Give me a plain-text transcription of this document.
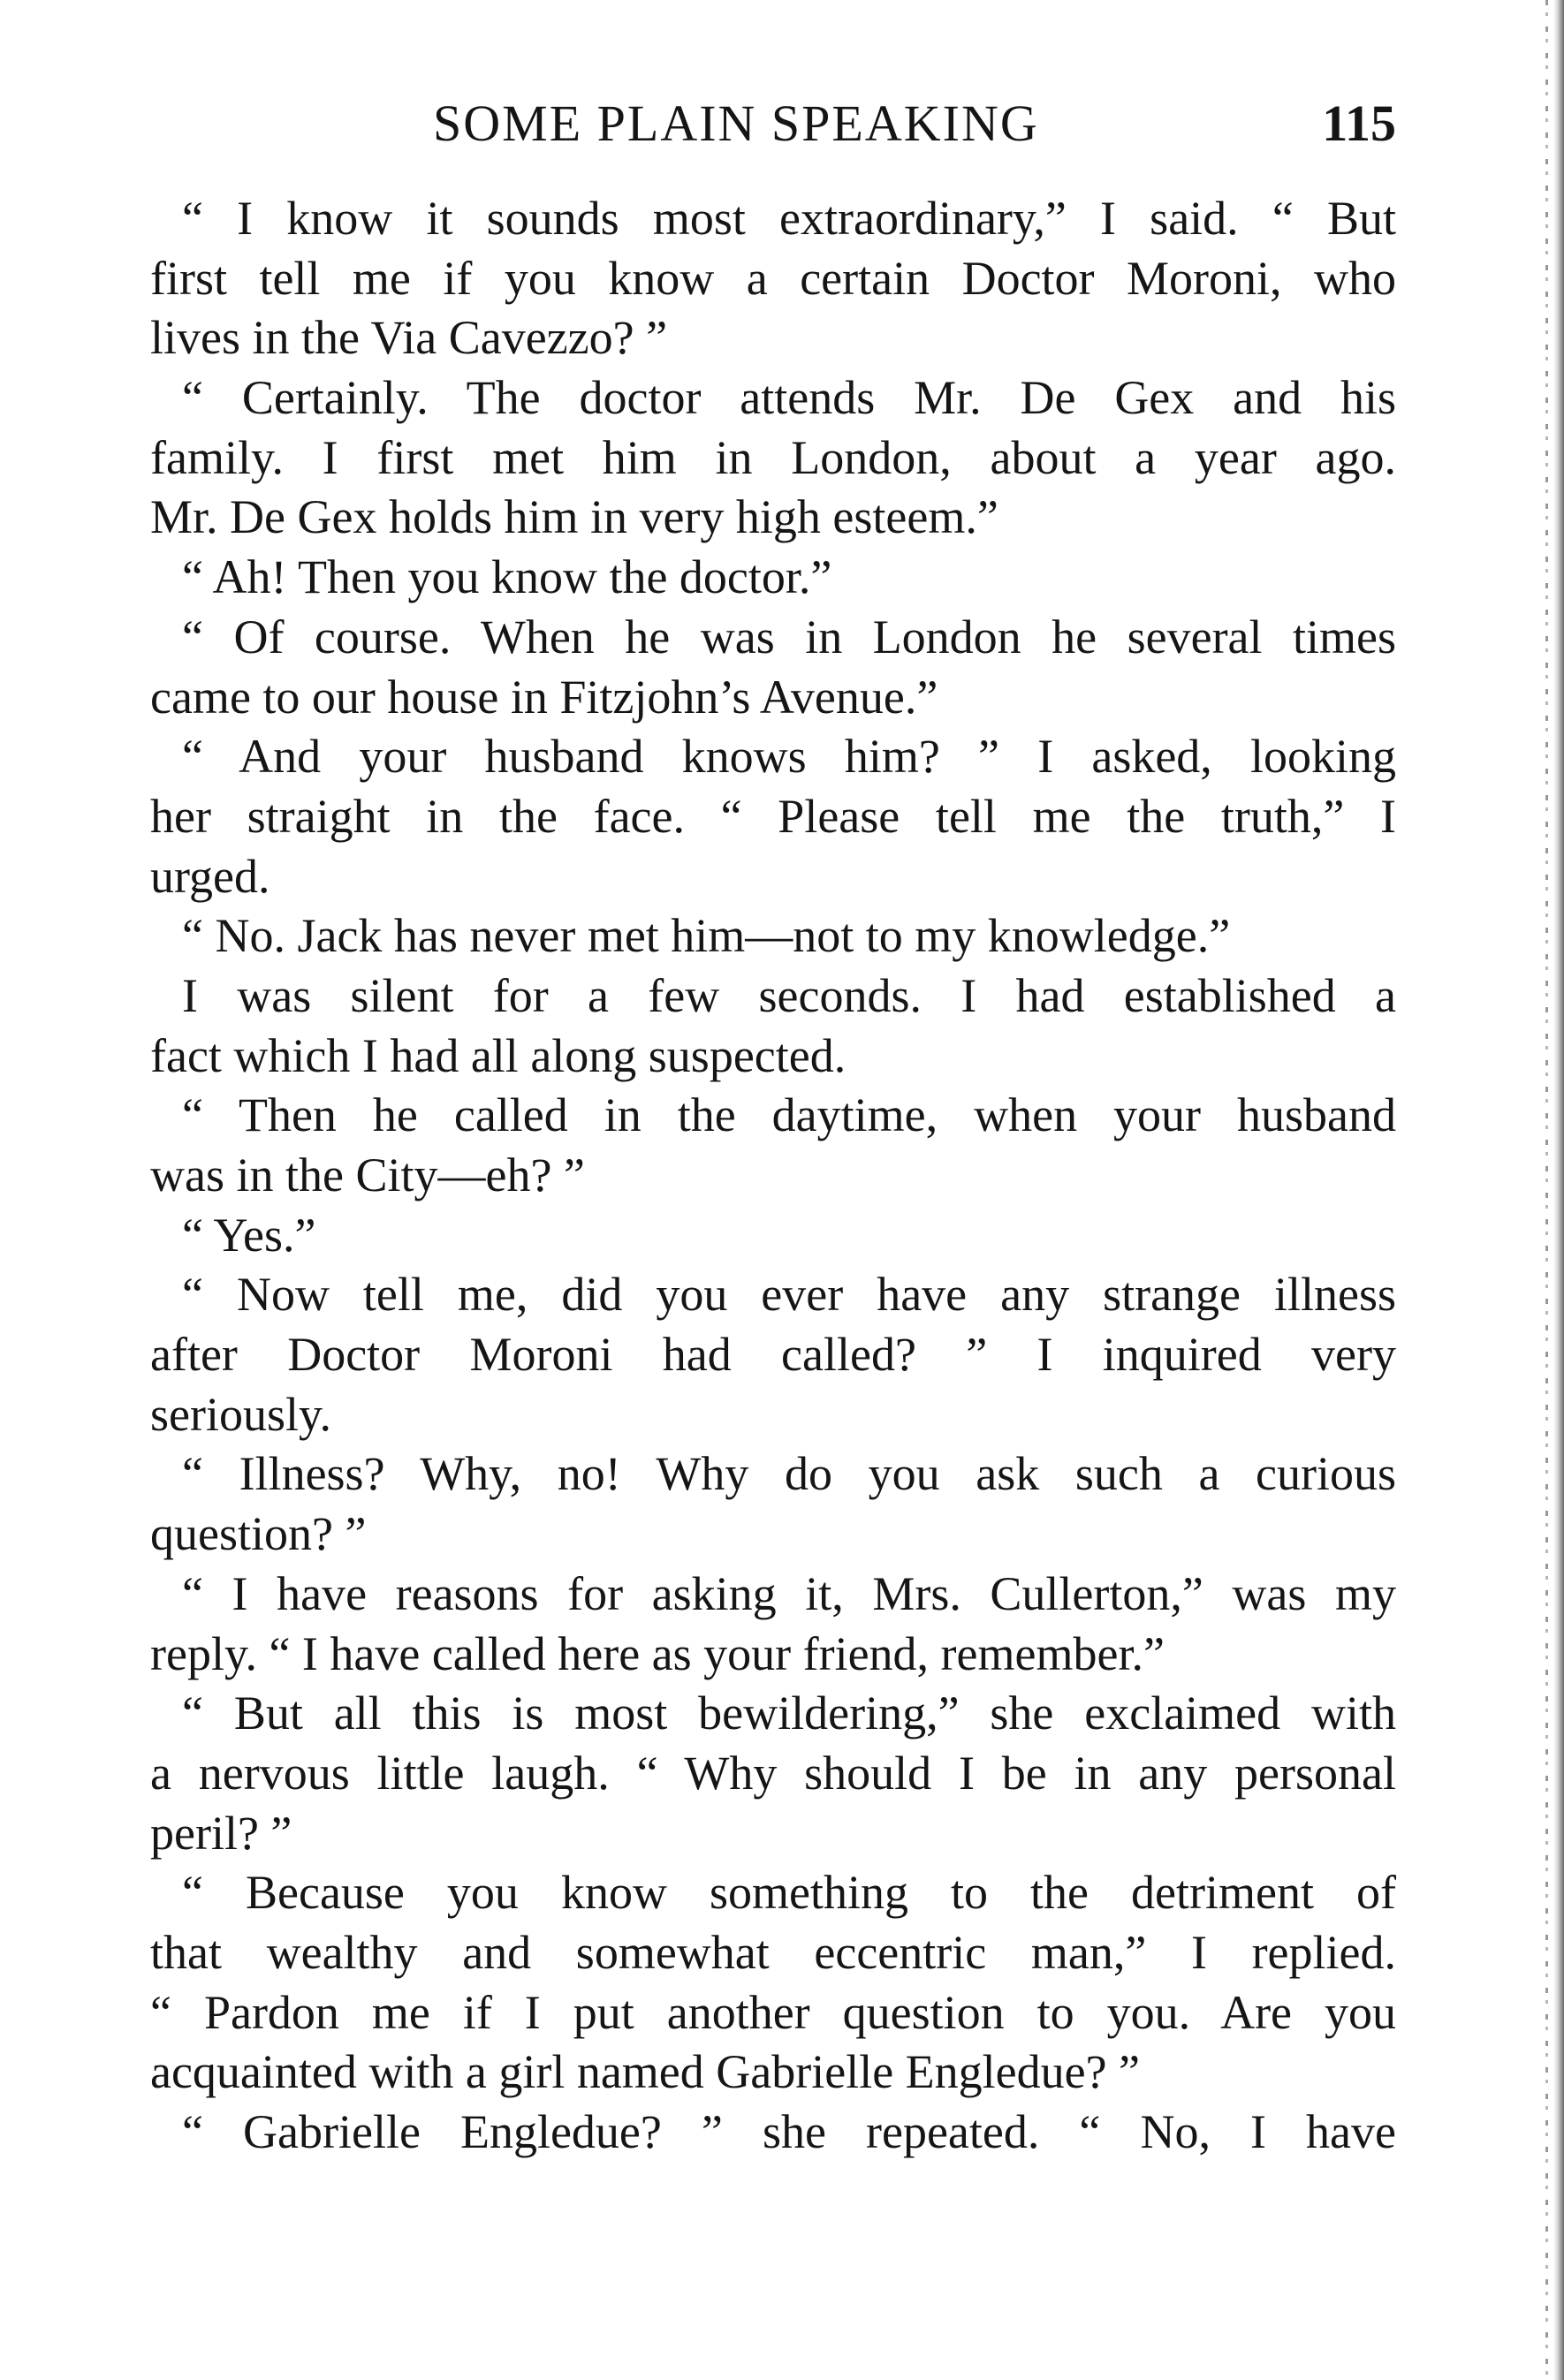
SOME PLAIN SPEAKING	115
“ I know it sounds most extraordinary,” I said. “ But
first tell me if you know a certain Doctor Moroni, who
lives in the Via Cavezzo? ”
“ Certainly. The doctor attends Mr. De Gex and his
family. I first met him in London, about a year ago.
Mr. De Gex holds him in very high esteem.”
“ Ah! Then you know the doctor.”
“ Of course. When he was in London he several times
came to our house in Fitzjohn’s Avenue.”
“ And your husband knows him? ” I asked, looking
her straight in the face. “ Please tell me the truth,” I
urged.
“ No. Jack has never met him—not to my knowledge.”
I was silent for a few seconds. I had established a
fact which I had all along suspected.
“ Then he called in the daytime, when your husband
was in the City—eh? ”
“ Yes.”
“ Now tell me, did you ever have any strange illness
after Doctor Moroni had called? ” I inquired very
seriously.
“ Illness? Why, no! Why do you ask such a curious
question? ”
“ I have reasons for asking it, Mrs. Cullerton,” was my
reply. “ I have called here as your friend, remember.”
“ But all this is most bewildering,” she exclaimed with
a nervous little laugh. “ Why should I be in any personal
peril? ”
“ Because you know something to the detriment of
that wealthy and somewhat eccentric man,” I replied.
“ Pardon me if I put another question to you. Are you
acquainted with a girl named Gabrielle Engledue? ”
“ Gabrielle Engledue? ” she repeated. “ No, I have
